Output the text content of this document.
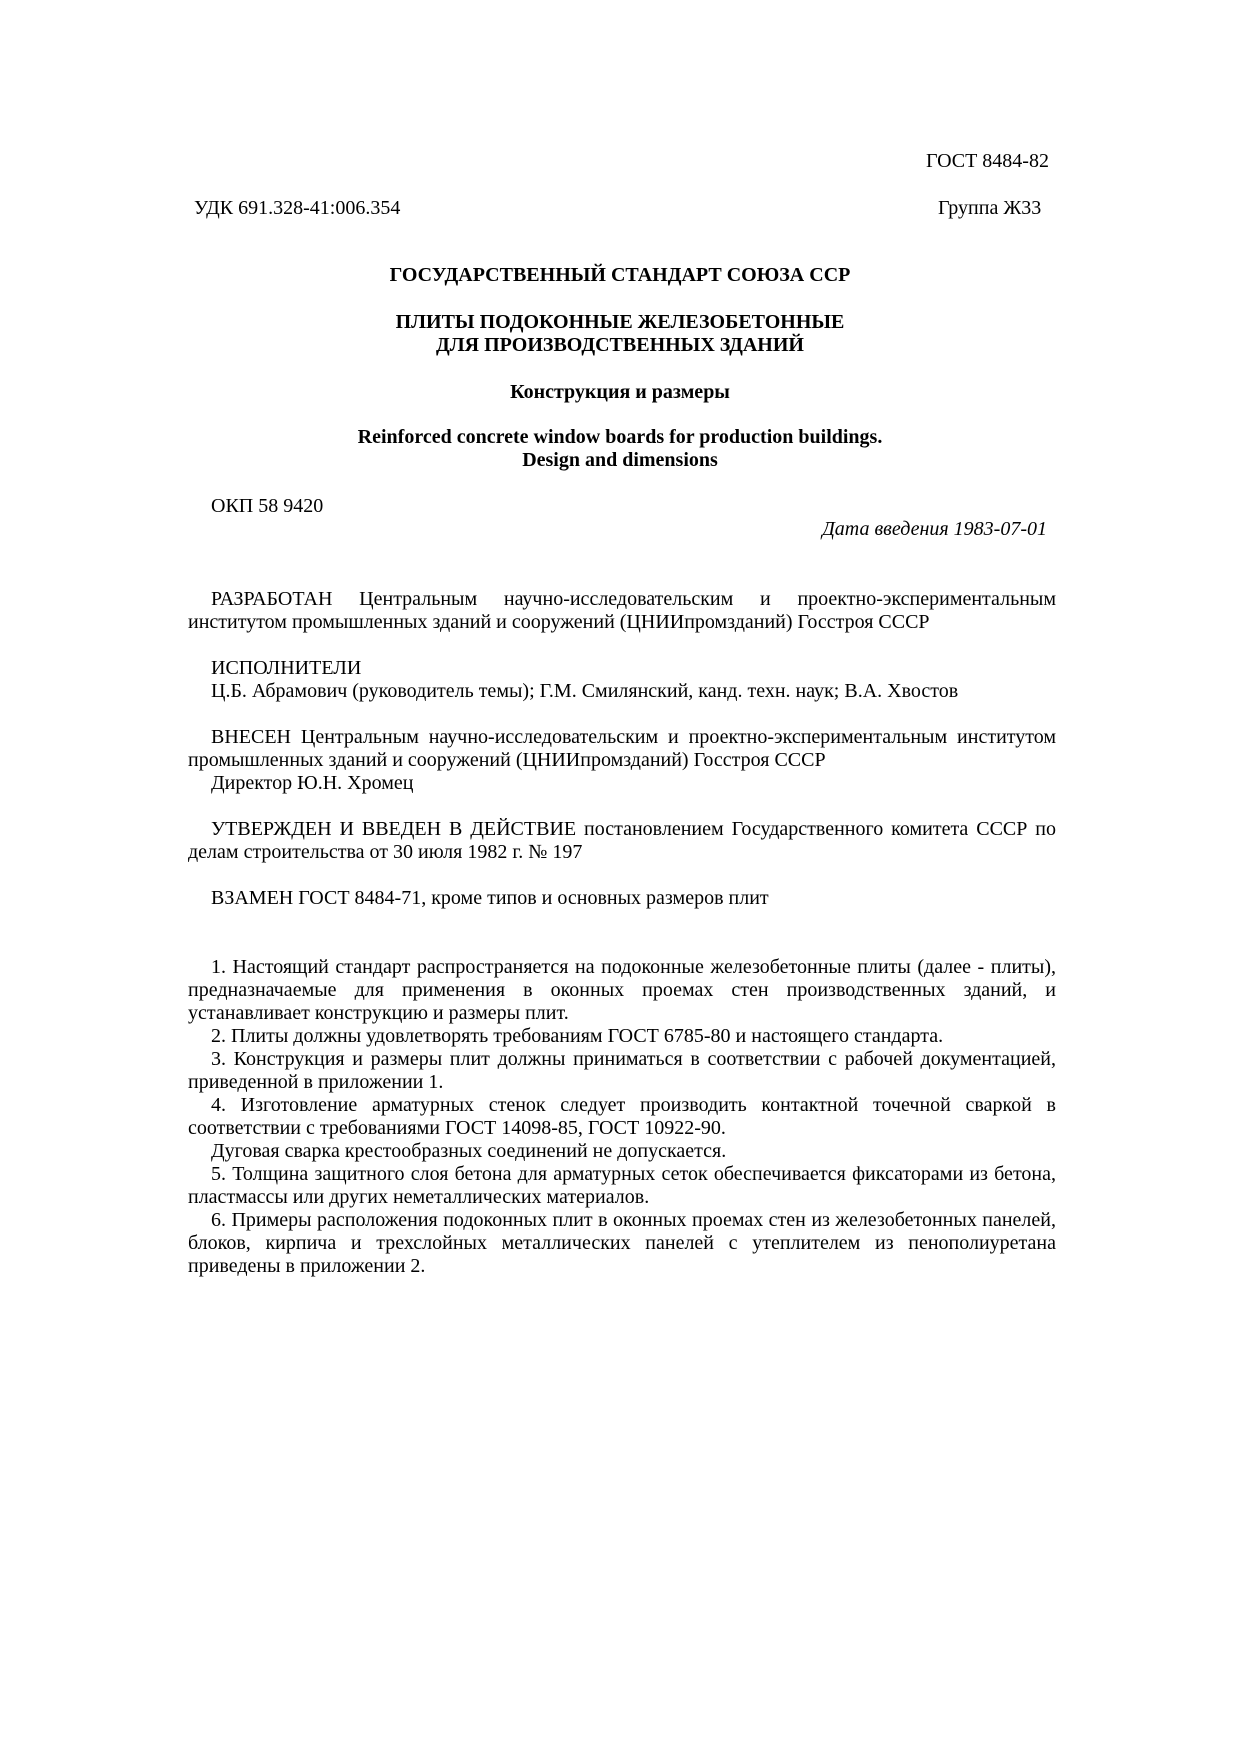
ГОСТ 8484-82
УДК 691.328-41:006.354	Группа Ж33
ГОСУДАРСТВЕННЫЙ СТАНДАРТ СОЮЗА ССР
ПЛИТЫ ПОДОКОННЫЕ ЖЕЛЕЗОБЕТОННЫЕ
ДЛЯ ПРОИЗВОДСТВЕННЫХ ЗДАНИЙ
Конструкция и размеры
Reinforced concrete window boards for production buildings.
Design and dimensions
ОКП 58 9420
Дата введения 1983-07-01

РАЗРАБОТАН Центральным научно-исследовательским и проектно-экспериментальным институтом промышленных зданий и сооружений (ЦНИИпромзданий) Госстроя СССР

ИСПОЛНИТЕЛИ

Ц.Б. Абрамович (руководитель темы); Г.М. Смилянский, канд. техн. наук; В.А. Хвостов

ВНЕСЕН Центральным научно-исследовательским и проектно-экспериментальным институтом промышленных зданий и сооружений (ЦНИИпромзданий) Госстроя СССР

Директор Ю.Н. Хромец

УТВЕРЖДЕН И ВВЕДЕН В ДЕЙСТВИЕ постановлением Государственного комитета СССР по делам строительства от 30 июля 1982 г. № 197

ВЗАМЕН ГОСТ 8484-71, кроме типов и основных размеров плит

1. Настоящий стандарт распространяется на подоконные железобетонные плиты (далее - плиты), предназначаемые для применения в оконных проемах стен производственных зданий, и устанавливает конструкцию и размеры плит.

2. Плиты должны удовлетворять требованиям ГОСТ 6785-80 и настоящего стандарта.

3. Конструкция и размеры плит должны приниматься в соответствии с рабочей документацией, приведенной в приложении 1.

4. Изготовление арматурных стенок следует производить контактной точечной сваркой в соответствии с требованиями ГОСТ 14098-85, ГОСТ 10922-90.

Дуговая сварка крестообразных соединений не допускается.

5. Толщина защитного слоя бетона для арматурных сеток обеспечивается фиксаторами из бетона, пластмассы или других неметаллических материалов.

6. Примеры расположения подоконных плит в оконных проемах стен из железобетонных панелей, блоков, кирпича и трехслойных металлических панелей с утеплителем из пенополиуретана приведены в приложении 2.
